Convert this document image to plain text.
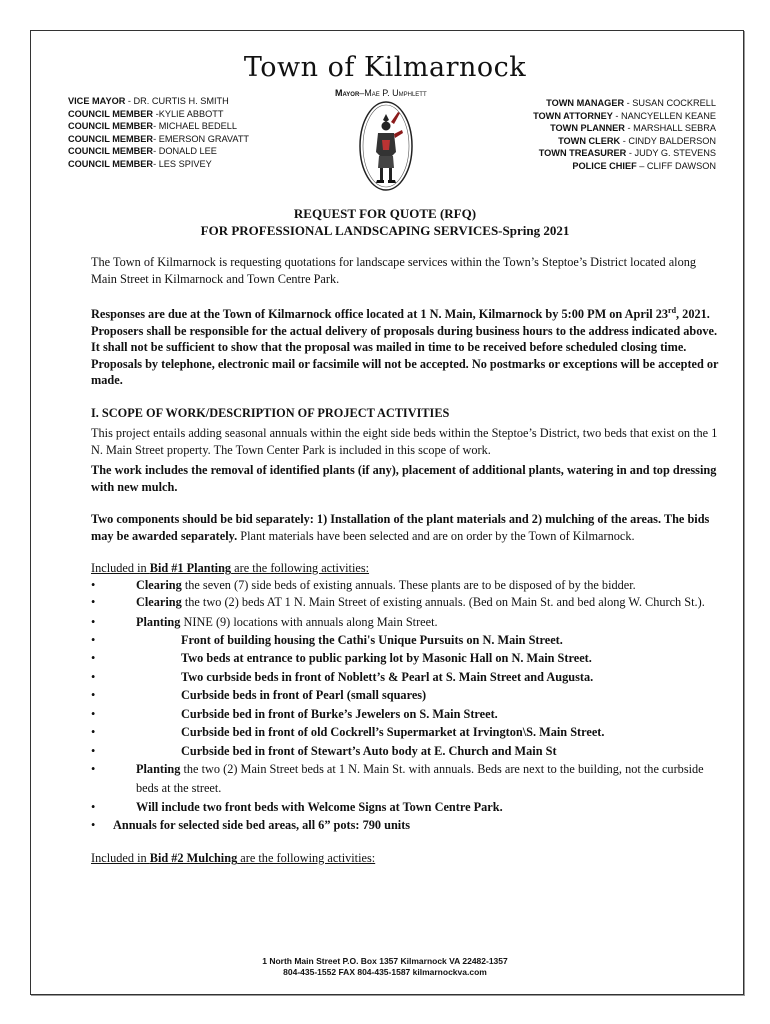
Town of Kilmarnock
Mayor–Mae P. Umphlett
VICE MAYOR - DR. CURTIS H. SMITH
COUNCIL MEMBER -KYLIE ABBOTT
COUNCIL MEMBER- MICHAEL BEDELL
COUNCIL MEMBER- EMERSON GRAVATT
COUNCIL MEMBER- DONALD LEE
COUNCIL MEMBER- LES SPIVEY
TOWN MANAGER - SUSAN COCKRELL
TOWN ATTORNEY - NANCYELLEN KEANE
TOWN PLANNER - MARSHALL SEBRA
TOWN CLERK - CINDY BALDERSON
TOWN TREASURER - JUDY G. STEVENS
POLICE CHIEF – CLIFF DAWSON
REQUEST FOR QUOTE (RFQ)
FOR PROFESSIONAL LANDSCAPING SERVICES-Spring 2021

The Town of Kilmarnock is requesting quotations for landscape services within the Town’s Steptoe’s District located along Main Street in Kilmarnock and Town Centre Park.

Responses are due at the Town of Kilmarnock office located at 1 N. Main, Kilmarnock by 5:00 PM on April 23rd, 2021. Proposers shall be responsible for the actual delivery of proposals during business hours to the address indicated above. It shall not be sufficient to show that the proposal was mailed in time to be received before scheduled closing time. Proposals by telephone, electronic mail or facsimile will not be accepted. No postmarks or exceptions will be accepted or made.

I. SCOPE OF WORK/DESCRIPTION OF PROJECT ACTIVITIES

This project entails adding seasonal annuals within the eight side beds within the Steptoe’s District, two beds that exist on the 1 N. Main Street property. The Town Center Park is included in this scope of work.

The work includes the removal of identified plants (if any), placement of additional plants, watering in and top dressing with new mulch.

Two components should be bid separately: 1) Installation of the plant materials and 2) mulching of the areas. The bids may be awarded separately. Plant materials have been selected and are on order by the Town of Kilmarnock.

Included in Bid #1 Planting are the following activities:

•	Clearing the seven (7) side beds of existing annuals. These plants are to be disposed of by the bidder.
•	Clearing the two (2) beds AT 1 N. Main Street of existing annuals. (Bed on Main St. and bed along W. Church St.).
•	Planting NINE (9) locations with annuals along Main Street.
•	Front of building housing the Cathi's Unique Pursuits on N. Main Street.
•	Two beds at entrance to public parking lot by Masonic Hall on N. Main Street.
•	Two curbside beds in front of Noblett’s & Pearl at S. Main Street and Augusta.
•	Curbside beds in front of Pearl (small squares)
•	Curbside bed in front of Burke’s Jewelers on S. Main Street.
•	Curbside bed in front of old Cockrell’s Supermarket at Irvington\S. Main Street.
•	Curbside bed in front of Stewart’s Auto body at E. Church and Main St
•	Planting the two (2) Main Street beds at 1 N. Main St. with annuals. Beds are next to the building, not the curbside beds at the street.
•	Will include two front beds with Welcome Signs at Town Centre Park.
• Annuals for selected side bed areas, all 6” pots: 790 units

Included in Bid #2 Mulching are the following activities:

1 North Main Street P.O. Box 1357 Kilmarnock VA 22482-1357
804-435-1552 FAX 804-435-1587 kilmarnockva.com
